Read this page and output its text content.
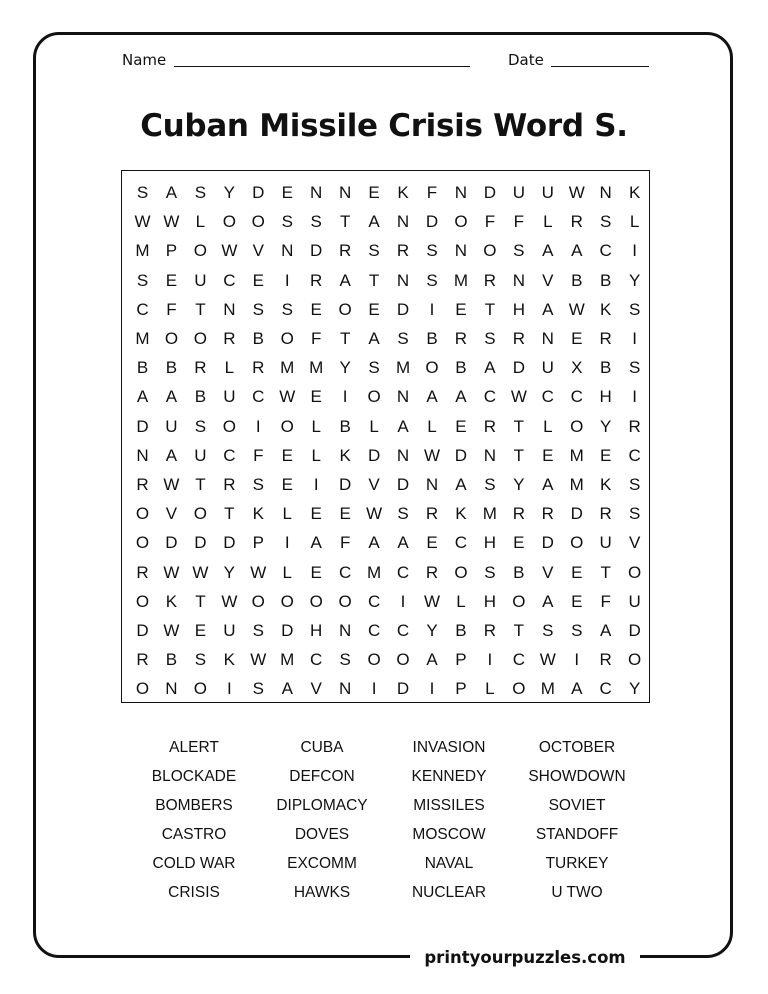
Name	Date
Cuban Missile Crisis Word S.
S	A	S	Y	D	E	N N	E	K	F	N D U U W N	K
W W L	O O S	S	T	A	N D O	F	F	L	R	S	L
M P O W V	N D R	S	R	S	N O S	A	A	C	I
S	E	U C	E	I	R	A	T	N	S M R N	V	B	B	Y
C	F	T	N	S	S	E O E	D	I	E	T	H	A W K	S
M O O R	B O	F	T	A	S	B	R	S	R N	E	R	I
B	B	R	L	R M M Y	S M O B	A	D U	X	B	S
A	A	B	U C W E	I	O N	A	A	C W C C H	I
D U	S O	I	O	L	B	L	A	L	E	R	T	L	O Y	R
N	A	U C	F	E	L	K	D N W D N	T	E M E	C
R W T	R	S	E	I	D	V	D N	A	S	Y	A M K	S
O V O	T	K	L	E	E W S	R	K M R R D R	S
O D D D	P	I	A	F	A	A	E	C H	E	D O U	V
R W W Y W L	E	C M C R O S	B	V	E	T	O
O K	T W O O O O C	I	W L	H O A	E	F	U
D W E	U	S	D H N C C	Y	B	R	T	S	S	A	D
R	B	S	K W M C	S O O A	P	I	C W	I	R O
O N O	I	S	A	V	N	I	D	I	P	L	O M A	C	Y
ALERT	CUBA	INVASION	OCTOBER
BLOCKADE	DEFCON	KENNEDY	SHOWDOWN
BOMBERS	DIPLOMACY	MISSILES	SOVIET
CASTRO	DOVES	MOSCOW	STANDOFF
COLD WAR	EXCOMM	NAVAL	TURKEY
CRISIS	HAWKS	NUCLEAR	U TWO
printyourpuzzles.com
